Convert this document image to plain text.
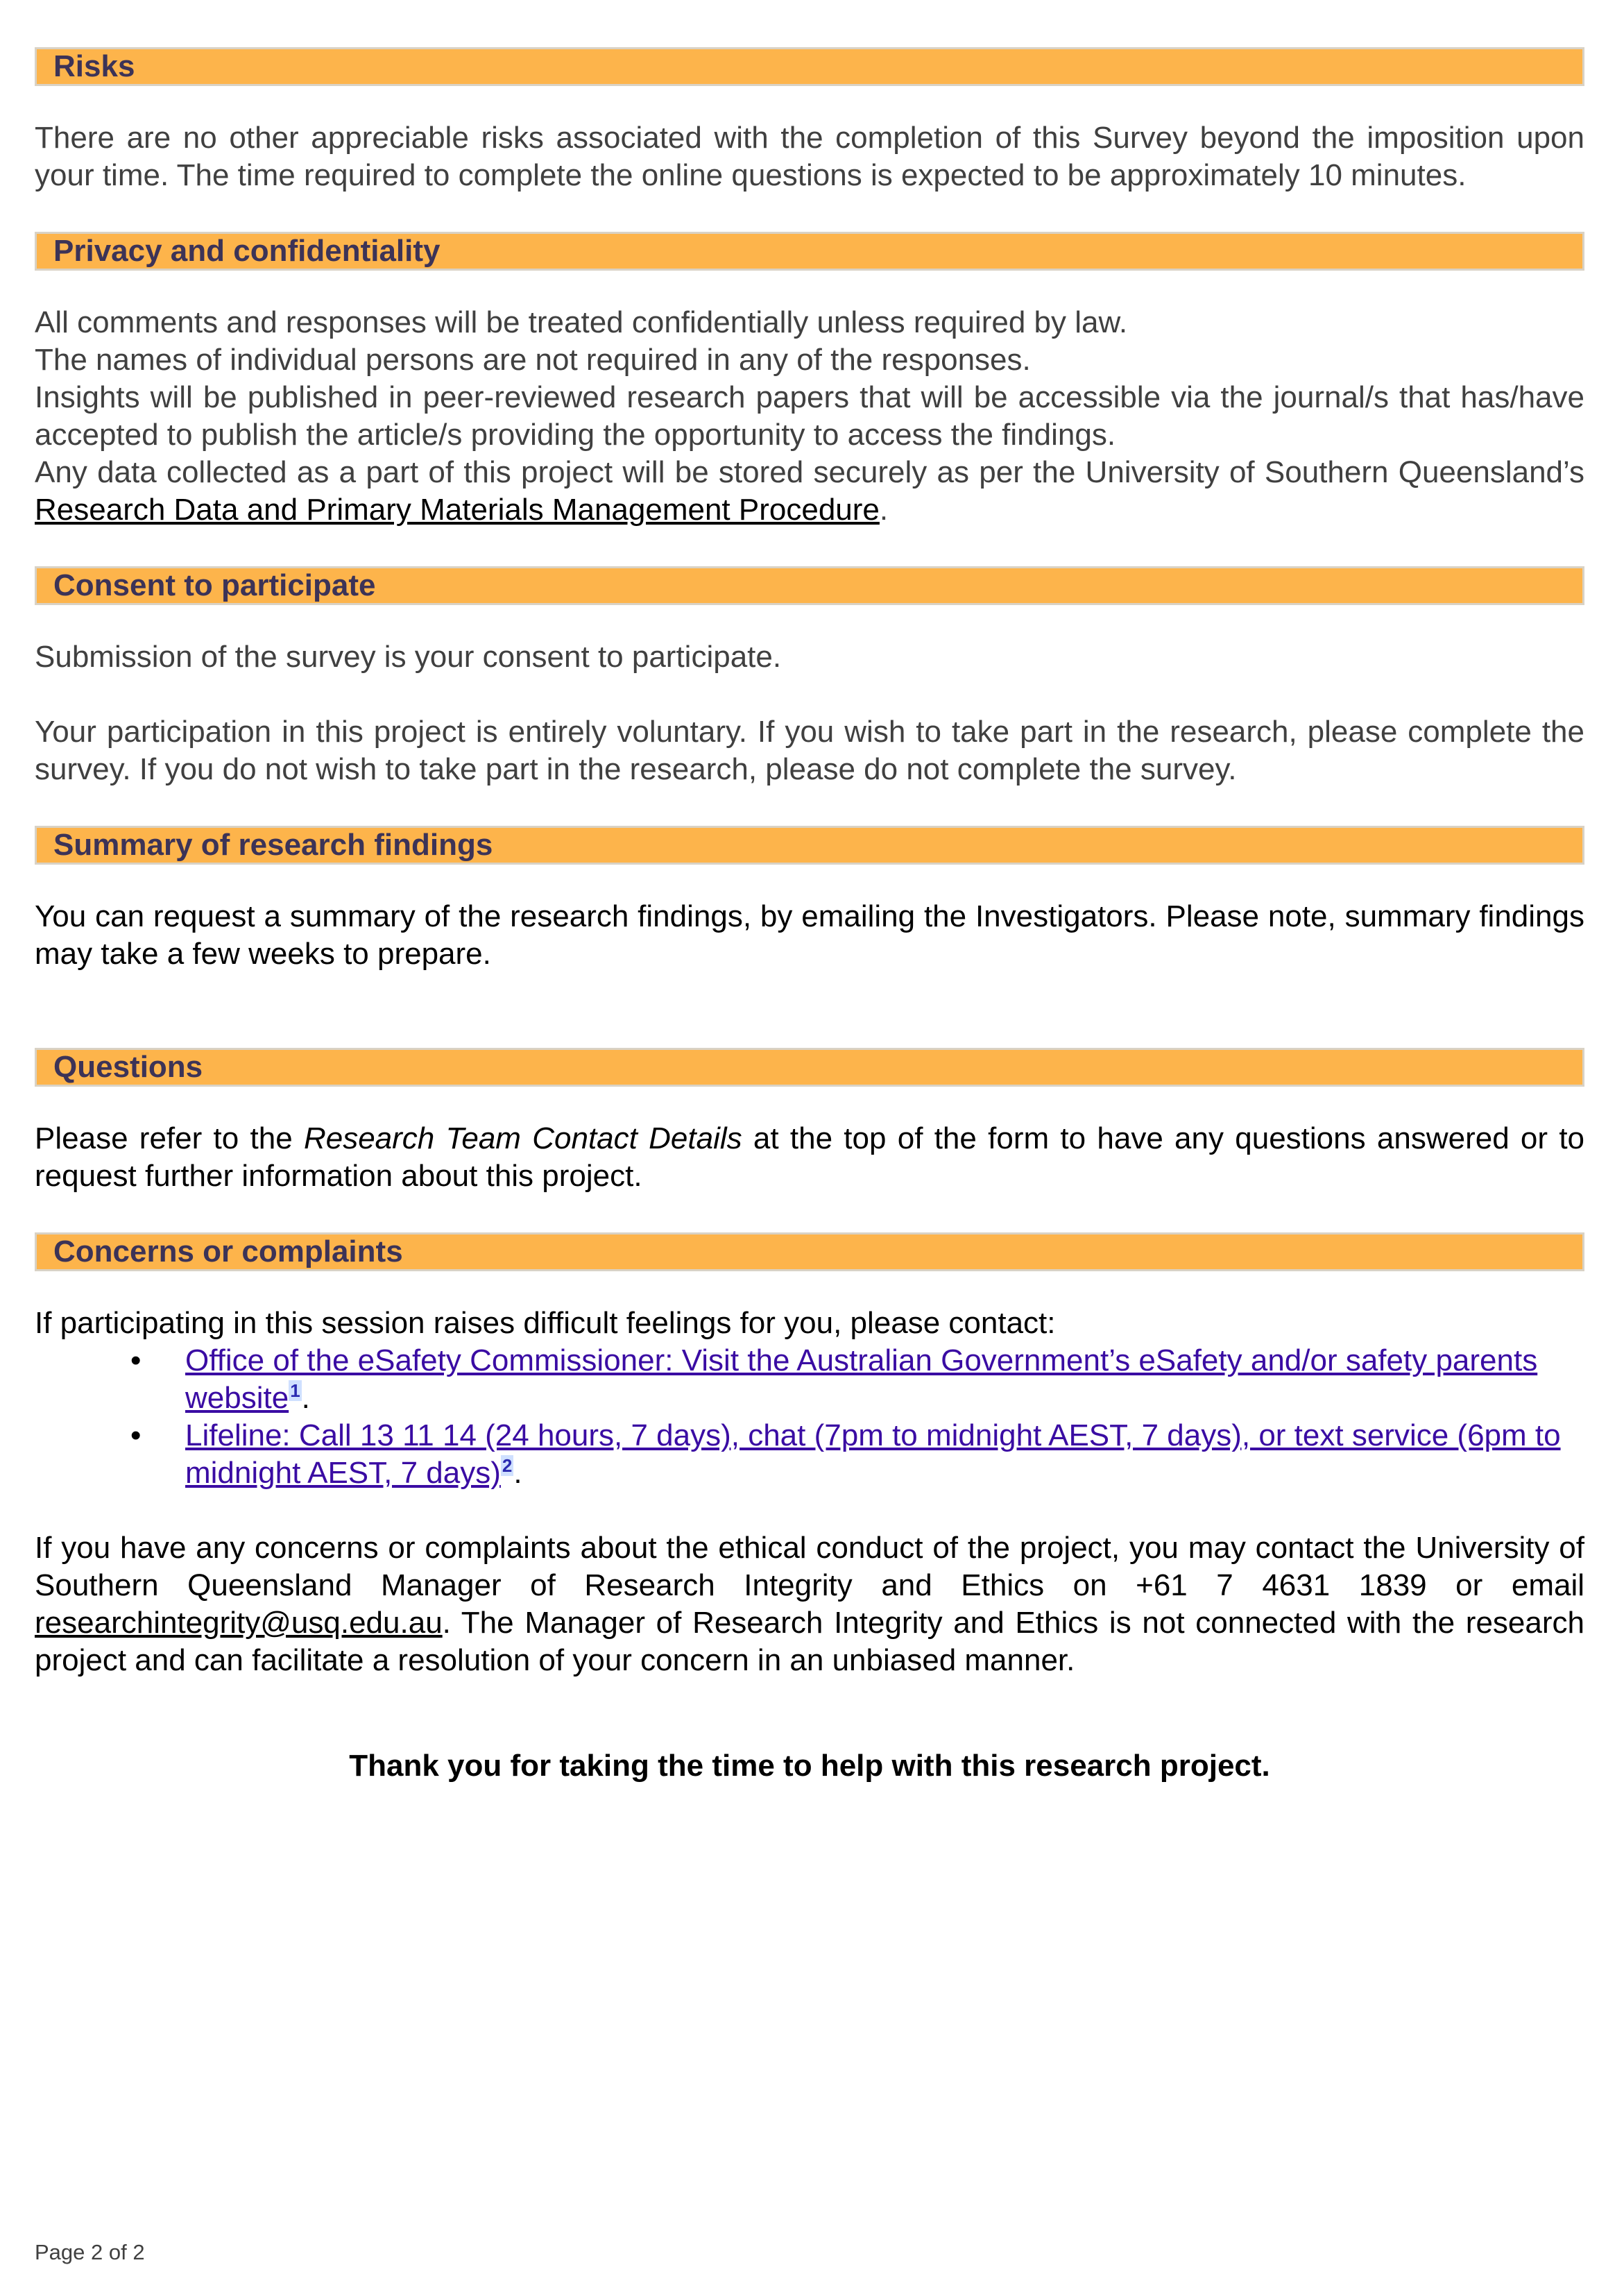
Risks

There are no other appreciable risks associated with the completion of this Survey beyond the imposition upon your time. The time required to complete the online questions is expected to be approximately 10 minutes.

Privacy and confidentiality

All comments and responses will be treated confidentially unless required by law.

The names of individual persons are not required in any of the responses.

Insights will be published in peer-reviewed research papers that will be accessible via the journal/s that has/have accepted to publish the article/s providing the opportunity to access the findings.

Any data collected as a part of this project will be stored securely as per the University of Southern Queensland’s Research Data and Primary Materials Management Procedure.

Consent to participate

Submission of the survey is your consent to participate.

Your participation in this project is entirely voluntary. If you wish to take part in the research, please complete the survey. If you do not wish to take part in the research, please do not complete the survey.

Summary of research findings

You can request a summary of the research findings, by emailing the Investigators. Please note, summary findings may take a few weeks to prepare.

Questions

Please refer to the Research Team Contact Details at the top of the form to have any questions answered or to request further information about this project.

Concerns or complaints

If participating in this session raises difficult feelings for you, please contact:

• Office of the eSafety Commissioner: Visit the Australian Government’s eSafety and/or safety parents website$^1$.
• Lifeline: Call 13 11 14 (24 hours, 7 days), chat (7pm to midnight AEST, 7 days), or text service (6pm to midnight AEST, 7 days)$^2$.

If you have any concerns or complaints about the ethical conduct of the project, you may contact the University of Southern Queensland Manager of Research Integrity and Ethics on +61 7 4631 1839 or email researchintegrity@usq.edu.au. The Manager of Research Integrity and Ethics is not connected with the research project and can facilitate a resolution of your concern in an unbiased manner.

Thank you for taking the time to help with this research project.

Page 2 of 2
